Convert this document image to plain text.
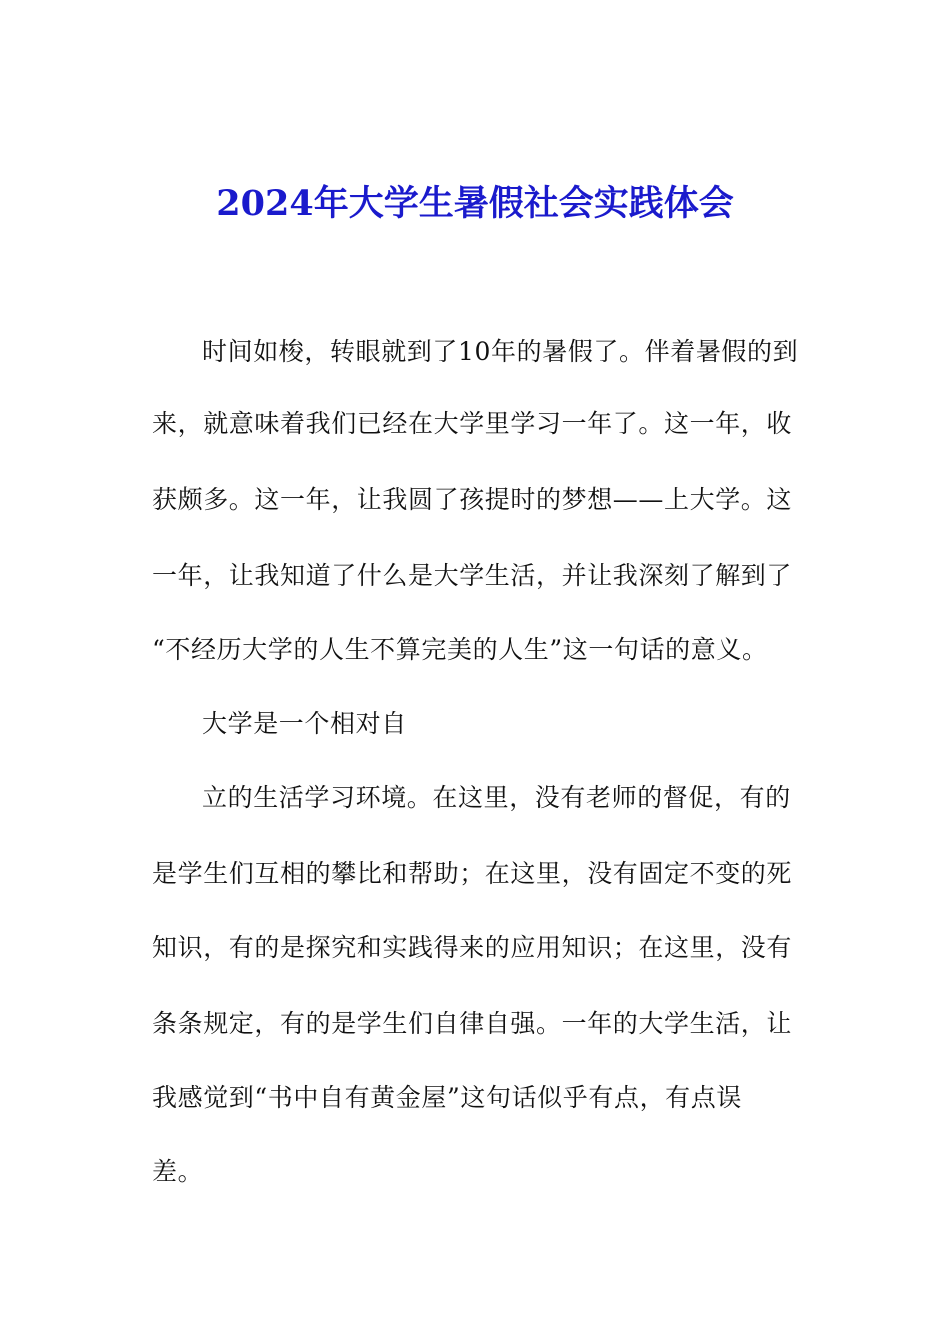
2024年大学生暑假社会实践体会
时间如梭，转眼就到了10年的暑假了。伴着暑假的到
来，就意味着我们已经在大学里学习一年了。这一年，收
获颇多。这一年，让我圆了孩提时的梦想——上大学。这
一年，让我知道了什么是大学生活，并让我深刻了解到了
“不经历大学的人生不算完美的人生”这一句话的意义。
大学是一个相对自
立的生活学习环境。在这里，没有老师的督促，有的
是学生们互相的攀比和帮助；在这里，没有固定不变的死
知识，有的是探究和实践得来的应用知识；在这里，没有
条条规定，有的是学生们自律自强。一年的大学生活，让
我感觉到“书中自有黄金屋”这句话似乎有点，有点误
差。
